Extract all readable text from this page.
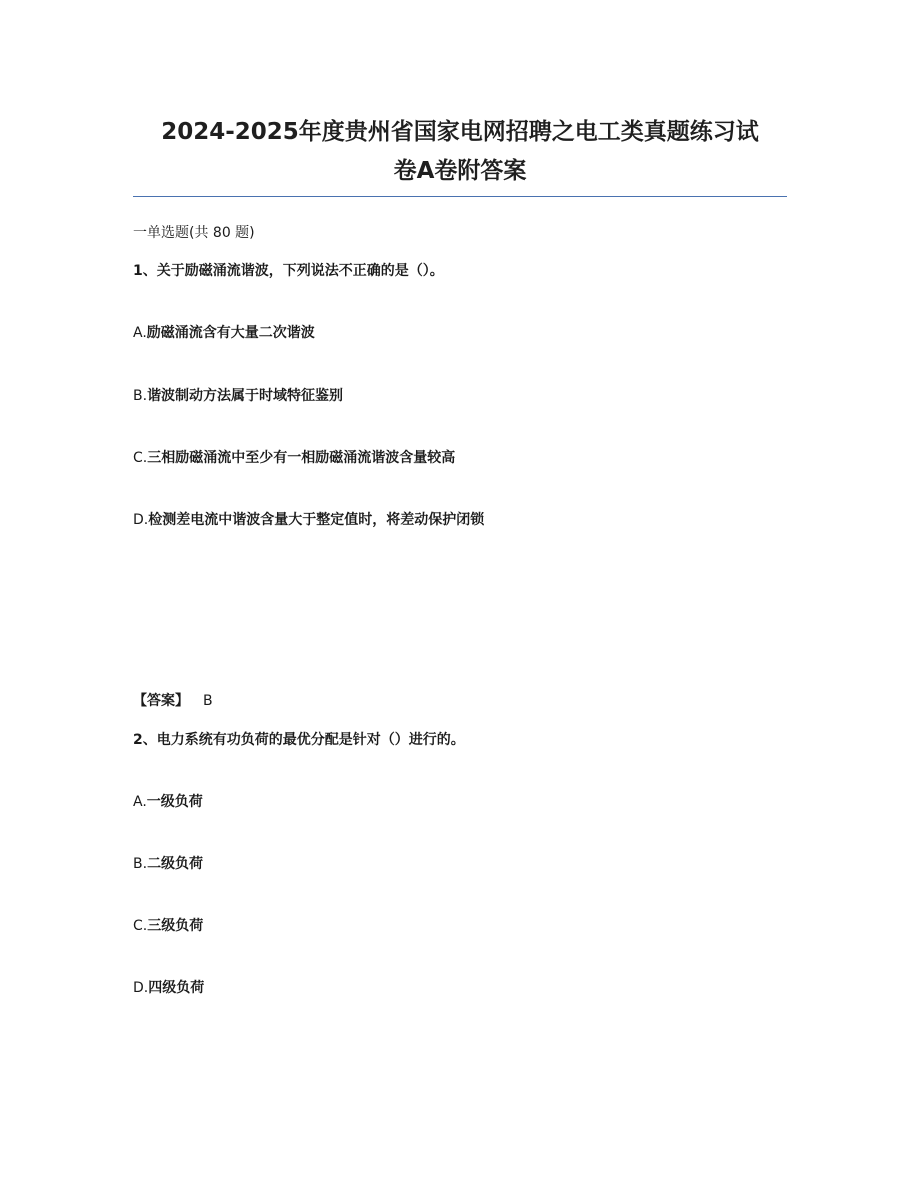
2024-2025年度贵州省国家电网招聘之电工类真题练习试
卷A卷附答案
一单选题(共 80 题)
1、关于励磁涌流谐波，下列说法不正确的是（）。
A.励磁涌流含有大量二次谐波
B.谐波制动方法属于时域特征鉴别
C.三相励磁涌流中至少有一相励磁涌流谐波含量较高
D.检测差电流中谐波含量大于整定值时，将差动保护闭锁
【答案】 B
2、电力系统有功负荷的最优分配是针对（）进行的。
A.一级负荷
B.二级负荷
C.三级负荷
D.四级负荷
